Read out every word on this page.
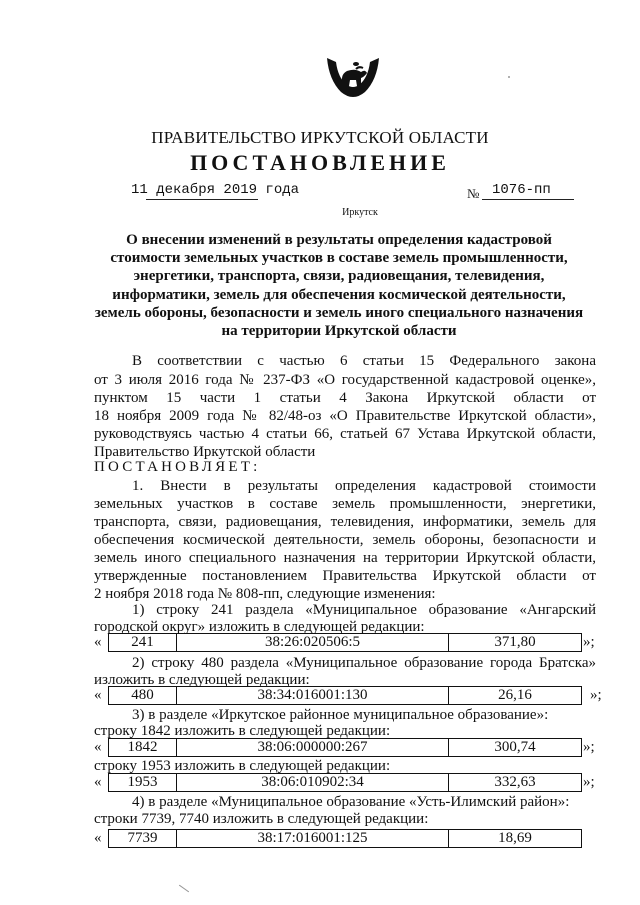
ПРАВИТЕЛЬСТВО ИРКУТСКОЙ ОБЛАСТИ
ПОСТАНОВЛЕНИЕ
11 декабря 2019 года	№ 1076-пп
Иркутск
О внесении изменений в результаты определения кадастровой
стоимости земельных участков в составе земель промышленности,
энергетики, транспорта, связи, радиовещания, телевидения,
информатики, земель для обеспечения космической деятельности,
земель обороны, безопасности и земель иного специального назначения
на территории Иркутской области
В соответствии с частью 6 статьи 15 Федерального закона
от 3 июля 2016 года № 237-ФЗ «О государственной кадастровой оценке»,
пунктом 15 части 1 статьи 4 Закона Иркутской области от
18 ноября 2009 года № 82/48-оз «О Правительстве Иркутской области»,
руководствуясь частью 4 статьи 66, статьей 67 Устава Иркутской области,
Правительство Иркутской области
ПОСТАНОВЛЯЕТ:
1. Внести в результаты определения кадастровой стоимости
земельных участков в составе земель промышленности, энергетики,
транспорта, связи, радиовещания, телевидения, информатики, земель для
обеспечения космической деятельности, земель обороны, безопасности и
земель иного специального назначения на территории Иркутской области,
утвержденные постановлением Правительства Иркутской области от
2 ноября 2018 года № 808-пп, следующие изменения:
1) строку 241 раздела «Муниципальное образование «Ангарский
городской округ» изложить в следующей редакции:
«	241	38:26:020506:5	371,80	»;
2) строку 480 раздела «Муниципальное образование города Братска»
изложить в следующей редакции:
«	480	38:34:016001:130	26,16	»;
3) в разделе «Иркутское районное муниципальное образование»:
строку 1842 изложить в следующей редакции:
«	1842	38:06:000000:267	300,74	»;
строку 1953 изложить в следующей редакции:
«	1953	38:06:010902:34	332,63	»;
4) в разделе «Муниципальное образование «Усть-Илимский район»:
строки 7739, 7740 изложить в следующей редакции:
«	7739	38:17:016001:125	18,69
